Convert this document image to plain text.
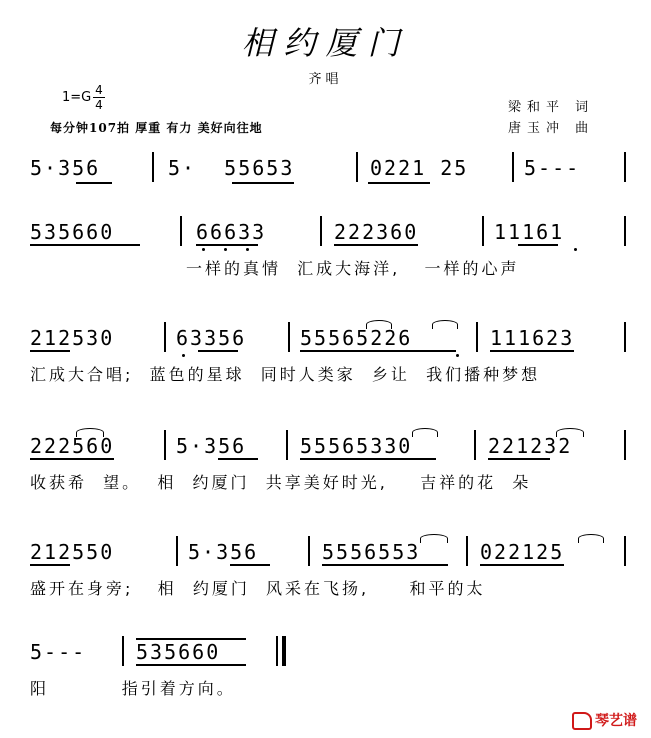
相约厦门
齐唱
1=G 4
4
每分钟107拍 厚重 有力 美好向往地
梁和平 词
唐玉冲 曲
5·356	5·  55653	0221 25	5---
535660	66633	222360	11161
一样的真情  汇成大海洋,   一样的心声
212530	63356	55565226	111623
汇成大合唱;  蓝色的星球  同时人类家  乡让  我们播种梦想
222560	5·356	55565330	221232
收获希  望。  相  约厦门  共享美好时光,    吉祥的花  朵
212550	5·356	5556553	022125
盛开在身旁;   相  约厦门  风采在飞扬,     和平的太
5--- 535660
阳         指引着方向。
琴艺谱
